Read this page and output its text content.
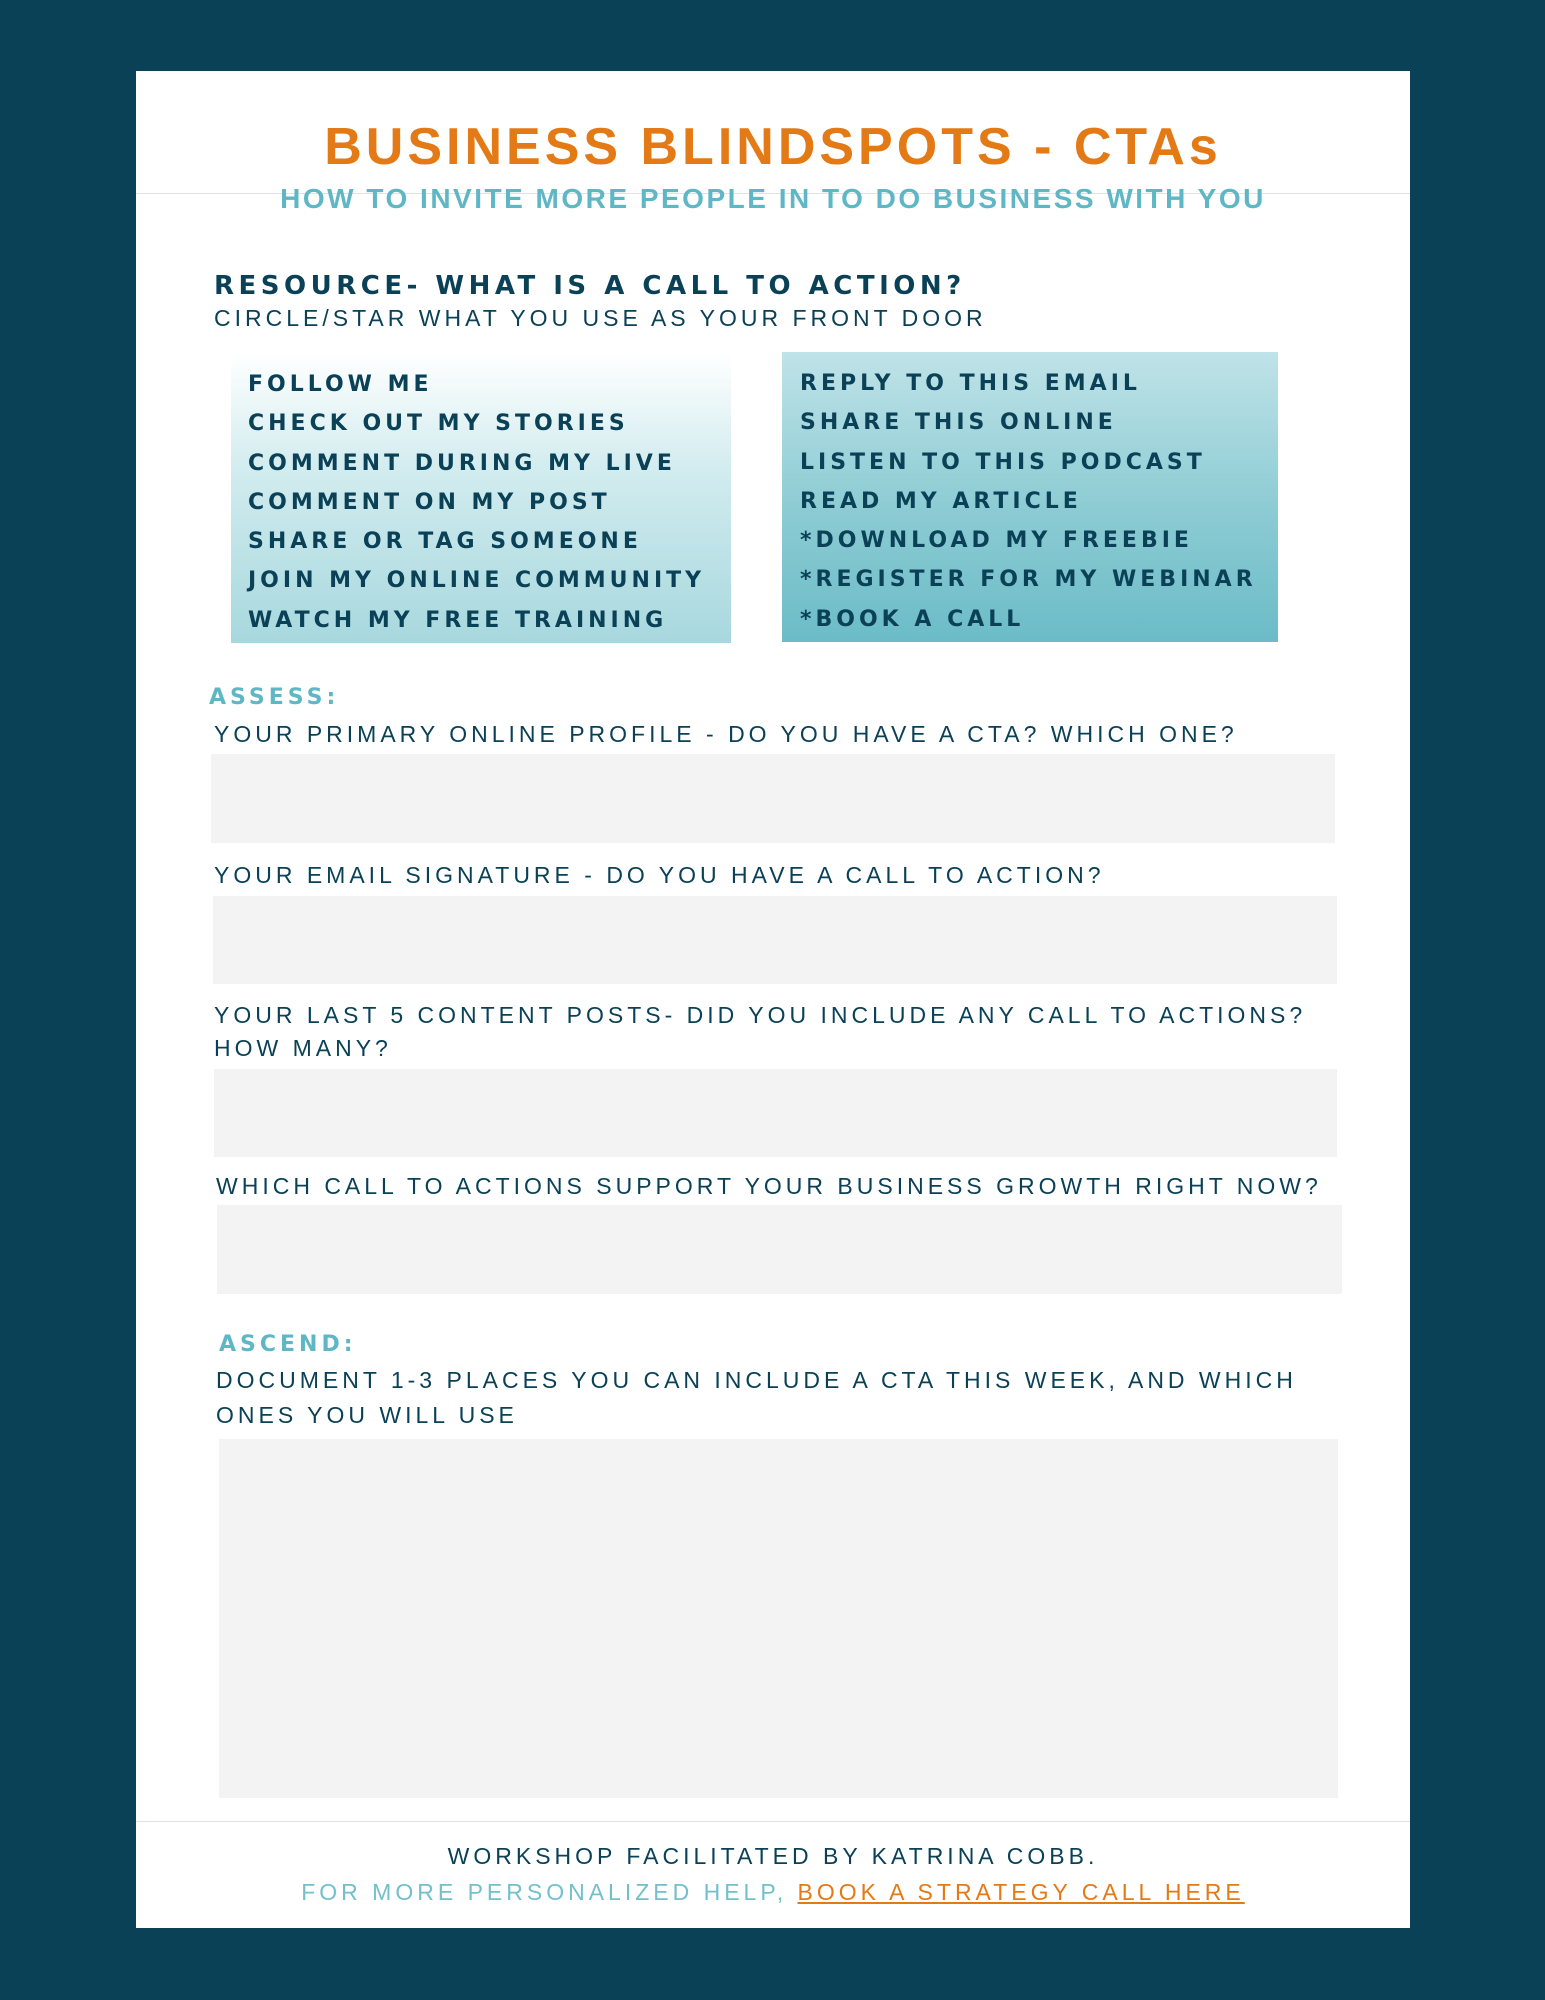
BUSINESS BLINDSPOTS - CTAs
HOW TO INVITE MORE PEOPLE IN TO DO BUSINESS WITH YOU
RESOURCE- WHAT IS A CALL TO ACTION?
CIRCLE/STAR WHAT YOU USE AS YOUR FRONT DOOR
FOLLOW ME
CHECK OUT MY STORIES
COMMENT DURING MY LIVE
COMMENT ON MY POST
SHARE OR TAG SOMEONE
JOIN MY ONLINE COMMUNITY
WATCH MY FREE TRAINING
REPLY TO THIS EMAIL
SHARE THIS ONLINE
LISTEN TO THIS PODCAST
READ MY ARTICLE
*DOWNLOAD MY FREEBIE
*REGISTER FOR MY WEBINAR
*BOOK A CALL
ASSESS:
YOUR PRIMARY ONLINE PROFILE - DO YOU HAVE A CTA? WHICH ONE?
YOUR EMAIL SIGNATURE - DO YOU HAVE A CALL TO ACTION?
YOUR LAST 5 CONTENT POSTS- DID YOU INCLUDE ANY CALL TO ACTIONS?
HOW MANY?
WHICH CALL TO ACTIONS SUPPORT YOUR BUSINESS GROWTH RIGHT NOW?
ASCEND:
DOCUMENT 1-3 PLACES YOU CAN INCLUDE A CTA THIS WEEK, AND WHICH
ONES YOU WILL USE
WORKSHOP FACILITATED BY KATRINA COBB.
FOR MORE PERSONALIZED HELP, BOOK A STRATEGY CALL HERE
